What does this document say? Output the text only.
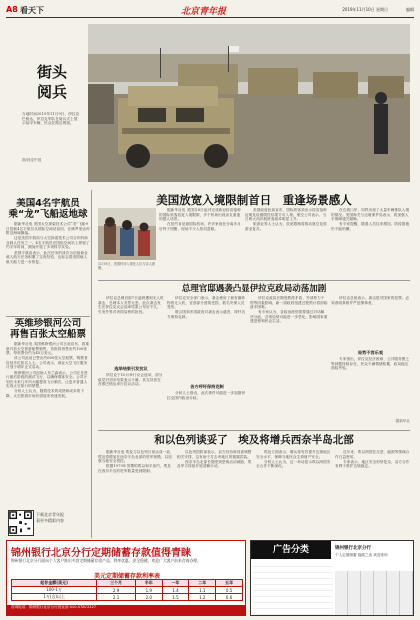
A8 看天下	北京青年报	2019年11月10日 星期日	编辑
街头
阅兵
当地时间2019年11月9日，伊拉克巴格达，伊拉克军队在阅兵式上展示装甲车辆，民众在路边观看。
图/视觉中国
美国4名宇航员
乘“龙”飞船返地球

据新华社电 美国太空探索技术公司“龙”飞船9日搭载4名宇航员从国际空间站返回，在佛罗里达州附近海域溅落。

这是美国宇航局与太空探索技术公司合作的商业载人任务之一。4名宇航员在国际空间站上停留了约半年时间，期间开展了多项科学实验。

美国宇航局表示，此次任务的成功为后续商业载人航天任务积累了宝贵经验，也标志着美国载人航天能力进一步恢复。

英维珍银河公司
再售百张太空船票

据新华社电 英国维珍银河公司日前宣布，将重新开放太空旅游船票销售，首批将再售出约100张票，每张票价约为45万美元。

该公司此前已售出约600张太空船票，购票者包括多位知名人士。公司表示，商业太空飞行服务计划于明年正式启动。

维珍银河公司创始人布兰森表示，公司正在进行最后阶段的测试飞行，以确保乘客安全。公司计划在未来几年内大幅提高飞行频次，让更多普通人实现太空旅行的梦想。

分析人士认为，随着技术的成熟和成本的下降，太空旅游市场有望迎来快速发展。

下载北京青年报
看更多精彩内容
美国放宽入境限制首日　重逢场景感人
11月8日，美国机场入境处人们与亲人团聚。

据新华社电 美国自8日起对完成新冠疫苗接种的国际旅客放宽入境限制，多个机场出现亲友重逢的感人场景。

在纽约肯尼迪国际机场，许多家庭在分离多月后终于团聚，现场不少人热泪盈眶。

美国政府此前宣布，国际旅客须出示疫苗接种证明及检测阴性结果方可入境。航空公司表示，当日跨大西洋航班客座率明显上升。

旅游业界人士认为，放宽限制将推动航空及旅游业复苏。

在边境口岸，同样出现了大量车辆排队入境的情况。美国海关与边境保护局表示，将加强人手保障通关顺畅。

有专家提醒，随着人员往来增加，防疫措施仍不能松懈。

总理官邸遇袭凸显伊拉克政局动荡加剧

伊拉克总理官邸7日凌晨遭到无人机袭击，总理本人安然无恙。此次袭击发生在伊拉克议会选举结果公布后不久，引发外界对该国局势的担忧。

选举结果引发抗议

伊拉克于10月举行议会选举，部分政党对初步结果表示不满，其支持者在首都巴格达举行抗议活动。

伊拉克安全部门表示，袭击使用了载有爆炸物的无人机，官邸部分建筑受损，数名安保人员受伤。

联合国和多国政府对袭击表示谴责，呼吁各方保持克制。

各方呼吁保持克制

分析人士指出，此次事件可能进一步加剧伊拉克国内政治分歧。

伊拉克政局长期受教派矛盾、外部势力干预等因素影响。新一届政府组建过程预计将面临诸多困难。

有专家认为，各政治派别需要通过对话解决分歧，否则局势可能进一步恶化，影响国家重建进程和民众生活。

伊拉克总统表示，袭击是对国家的犯罪，必须查明真相并严惩肇事者。

局势不容乐观

专家指出，伊拉克经济困难、公共服务匮乏等问题持续存在，民众不满情绪积累，政局稳定面临考验。

据新华社
和以色列谈妥了　埃及将增兵西奈半岛北部

据新华社电 埃及与以色列日前达成一致，埃及将增加在西奈半岛北部的驻军规模，以加强当地安全管控。

根据1979年签署的埃以和平条约，埃及在西奈半岛的驻军数量受到限制。

以色列国防部表示，双方经协商同意调整相关安排，这有助于打击该地区的极端武装。

西奈半岛北部长期受到恐怖活动威胁，埃及军方持续开展清剿行动。

埃及方面表示，增兵将有效提升边境地区安全水平，保障当地民众生命财产安全。

分析人士认为，这一举动显示埃以两国安全合作不断深化。

近年来，埃以两国在反恐、能源等领域合作日益密切。

专家表示，地区安全形势复杂，双方合作有利于维护边境稳定。

锦州银行北京分行定期储蓄存款值得青睐
锦州银行北京分行面向个人客户推出多款定期储蓄存款产品，利率优惠，安全稳健，欢迎广大客户前来咨询办理。
美元定期储蓄存款利率表
起存金额(美元)	三个月	半年	一年	二年	五年
100-1万	2.9	1.9	1.4	1.1	0.5
1万(含)以上	2.1	2.0	1.5	1.2	0.6
咨询电话：锦州银行北京分行营业部 010-57872227
广告分类	锦州银行北京分行
个人定期储蓄 稳健之选 欢迎垂询
